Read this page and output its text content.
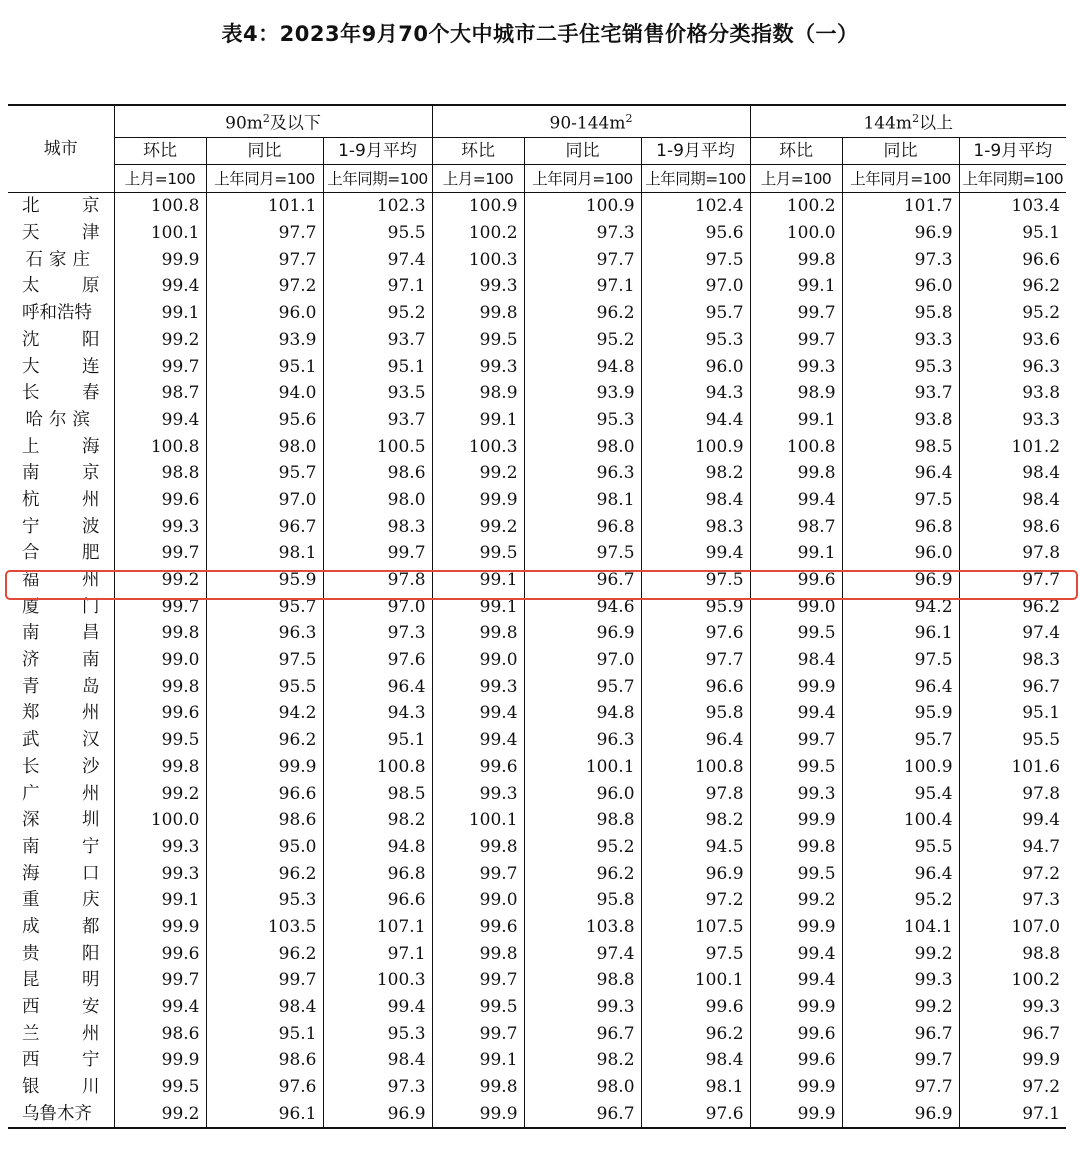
表4：2023年9月70个大中城市二手住宅销售价格分类指数（一）
城市	$90m^2$及以下			$90-144m^2$			$144m^2$以上		
	环比	同比	1-9月平均	环比	同比	1-9月平均	环比	同比	1-9月平均
	上月=100	上年同月=100	上年同期=100	上月=100	上年同月=100	上年同期=100	上月=100	上年同月=100	上年同期=100

北 京	100.8	101.1	102.3	100.9	100.9	102.4	100.2	101.7	103.4

天 津	100.1	97.7	95.5	100.2	97.3	95.6	100.0	96.9	95.1

石家庄	99.9	97.7	97.4	100.3	97.7	97.5	99.8	97.3	96.6

太 原	99.4	97.2	97.1	99.3	97.1	97.0	99.1	96.0	96.2

呼和浩特	99.1	96.0	95.2	99.8	96.2	95.7	99.7	95.8	95.2

沈 阳	99.2	93.9	93.7	99.5	95.2	95.3	99.7	93.3	93.6

大 连	99.7	95.1	95.1	99.3	94.8	96.0	99.3	95.3	96.3

长 春	98.7	94.0	93.5	98.9	93.9	94.3	98.9	93.7	93.8

哈尔滨	99.4	95.6	93.7	99.1	95.3	94.4	99.1	93.8	93.3

上 海	100.8	98.0	100.5	100.3	98.0	100.9	100.8	98.5	101.2

南 京	98.8	95.7	98.6	99.2	96.3	98.2	99.8	96.4	98.4

杭 州	99.6	97.0	98.0	99.9	98.1	98.4	99.4	97.5	98.4

宁 波	99.3	96.7	98.3	99.2	96.8	98.3	98.7	96.8	98.6

合 肥	99.7	98.1	99.7	99.5	97.5	99.4	99.1	96.0	97.8

福 州	99.2	95.9	97.8	99.1	96.7	97.5	99.6	96.9	97.7

厦 门	99.7	95.7	97.0	99.1	94.6	95.9	99.0	94.2	96.2

南 昌	99.8	96.3	97.3	99.8	96.9	97.6	99.5	96.1	97.4

济 南	99.0	97.5	97.6	99.0	97.0	97.7	98.4	97.5	98.3

青 岛	99.8	95.5	96.4	99.3	95.7	96.6	99.9	96.4	96.7

郑 州	99.6	94.2	94.3	99.4	94.8	95.8	99.4	95.9	95.1

武 汉	99.5	96.2	95.1	99.4	96.3	96.4	99.7	95.7	95.5

长 沙	99.8	99.9	100.8	99.6	100.1	100.8	99.5	100.9	101.6

广 州	99.2	96.6	98.5	99.3	96.0	97.8	99.3	95.4	97.8

深 圳	100.0	98.6	98.2	100.1	98.8	98.2	99.9	100.4	99.4

南 宁	99.3	95.0	94.8	99.8	95.2	94.5	99.8	95.5	94.7

海 口	99.3	96.2	96.8	99.7	96.2	96.9	99.5	96.4	97.2

重 庆	99.1	95.3	96.6	99.0	95.8	97.2	99.2	95.2	97.3

成 都	99.9	103.5	107.1	99.6	103.8	107.5	99.9	104.1	107.0

贵 阳	99.6	96.2	97.1	99.8	97.4	97.5	99.4	99.2	98.8

昆 明	99.7	99.7	100.3	99.7	98.8	100.1	99.4	99.3	100.2

西 安	99.4	98.4	99.4	99.5	99.3	99.6	99.9	99.2	99.3

兰 州	98.6	95.1	95.3	99.7	96.7	96.2	99.6	96.7	96.7

西 宁	99.9	98.6	98.4	99.1	98.2	98.4	99.6	99.7	99.9

银 川	99.5	97.6	97.3	99.8	98.0	98.1	99.9	97.7	97.2

乌鲁木齐	99.2	96.1	96.9	99.9	96.7	97.6	99.9	96.9	97.1
